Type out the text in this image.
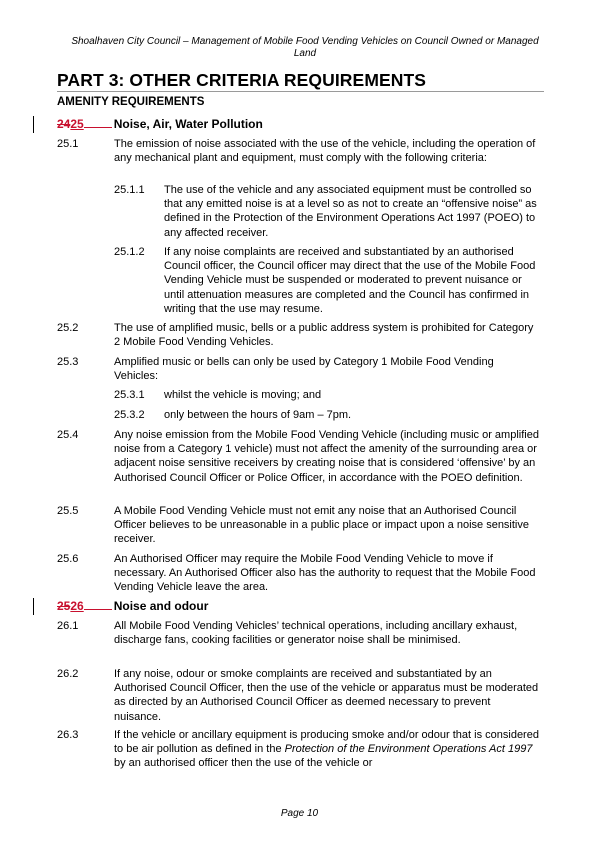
Shoalhaven City Council – Management of Mobile Food Vending Vehicles on Council Owned or Managed
Land
PART 3: OTHER CRITERIA REQUIREMENTS
AMENITY REQUIREMENTS
2425	Noise, Air, Water Pollution
25.1	The emission of noise associated with the use of the vehicle, including the operation of any mechanical plant and equipment, must comply with the following criteria:
25.1.1 The use of the vehicle and any associated equipment must be controlled so that any emitted noise is at a level so as not to create an “offensive noise” as defined in the Protection of the Environment Operations Act 1997 (POEO) to any affected receiver.
25.1.2 If any noise complaints are received and substantiated by an authorised Council officer, the Council officer may direct that the use of the Mobile Food Vending Vehicle must be suspended or moderated to prevent nuisance or until attenuation measures are completed and the Council has confirmed in writing that the use may resume.
25.2	The use of amplified music, bells or a public address system is prohibited for Category 2 Mobile Food Vending Vehicles.
25.3	Amplified music or bells can only be used by Category 1 Mobile Food Vending Vehicles:
25.3.1 whilst the vehicle is moving; and
25.3.2 only between the hours of 9am – 7pm.
25.4	Any noise emission from the Mobile Food Vending Vehicle (including music or amplified noise from a Category 1 vehicle) must not affect the amenity of the surrounding area or adjacent noise sensitive receivers by creating noise that is considered ‘offensive’ by an Authorised Council Officer or Police Officer, in accordance with the POEO definition.
25.5	A Mobile Food Vending Vehicle must not emit any noise that an Authorised Council Officer believes to be unreasonable in a public place or impact upon a noise sensitive receiver.
25.6	An Authorised Officer may require the Mobile Food Vending Vehicle to move if necessary. An Authorised Officer also has the authority to request that the Mobile Food Vending Vehicle leave the area.
2526	Noise and odour
26.1	All Mobile Food Vending Vehicles’ technical operations, including ancillary exhaust, discharge fans, cooking facilities or generator noise shall be minimised.
26.2	If any noise, odour or smoke complaints are received and substantiated by an Authorised Council Officer, then the use of the vehicle or apparatus must be moderated as directed by an Authorised Council Officer as deemed necessary to prevent nuisance.
26.3	If the vehicle or ancillary equipment is producing smoke and/or odour that is considered to be air pollution as defined in the Protection of the Environment Operations Act 1997 by an authorised officer then the use of the vehicle or
Page 10
